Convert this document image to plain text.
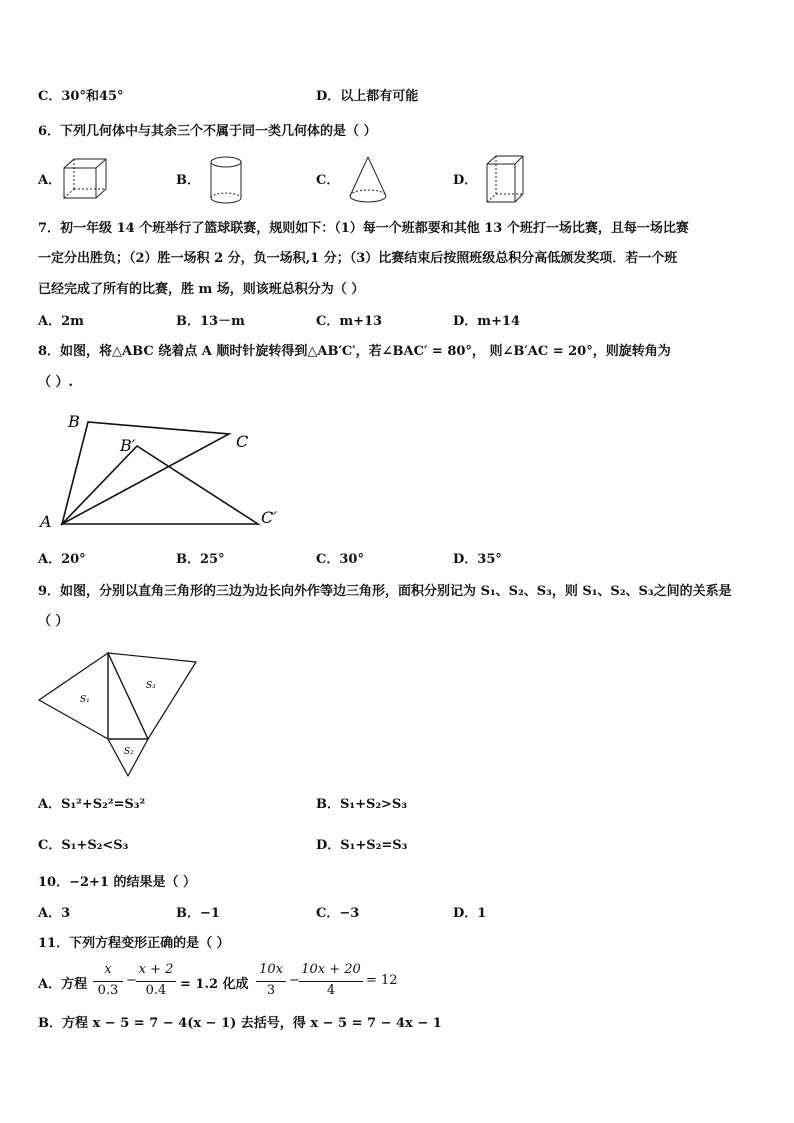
C．30°和45°	D．以上都有可能
6．下列几何体中与其余三个不属于同一类几何体的是（ ）
A．	B．	C．	D．
7．初一年级 14 个班举行了篮球联赛，规则如下：（1）每一个班都要和其他 13 个班打一场比赛，且每一场比赛
一定分出胜负；（2）胜一场积 2 分，负一场积,1 分；（3）比赛结束后按照班级总积分高低颁发奖项．若一个班
已经完成了所有的比赛，胜 m 场，则该班总积分为（ ）
A．2m	B．13－m	C．m+13	D．m+14
8．如图，将△ABC 绕着点 A 顺时针旋转得到△AB′C′，若∠BAC′ = 80°， 则∠B′AC = 20°，则旋转角为
（ ）.
B
B′	C
A	C′
A．20°	B．25°	C．30°	D．35°
9．如图，分别以直角三角形的三边为边长向外作等边三角形，面积分别记为 S₁、S₂、S₃，则 S₁、S₂、S₃之间的关系是
（ ）
S₁
S₂
S₃
A．S₁²+S₂²=S₃²	B．S₁+S₂>S₃
C．S₁+S₂<S₃	D．S₁+S₂=S₃
10．−2+1 的结果是（ ）
A．3	B．−1	C．−3	D．1
11．下列方程变形正确的是（ ）
A．方程
x
0.3
−
x + 2
0.4	= 1.2 化成
10x
3
−
10x + 20
4
= 12
B．方程 x − 5 = 7 − 4(x − 1) 去括号，得 x − 5 = 7 − 4x − 1
